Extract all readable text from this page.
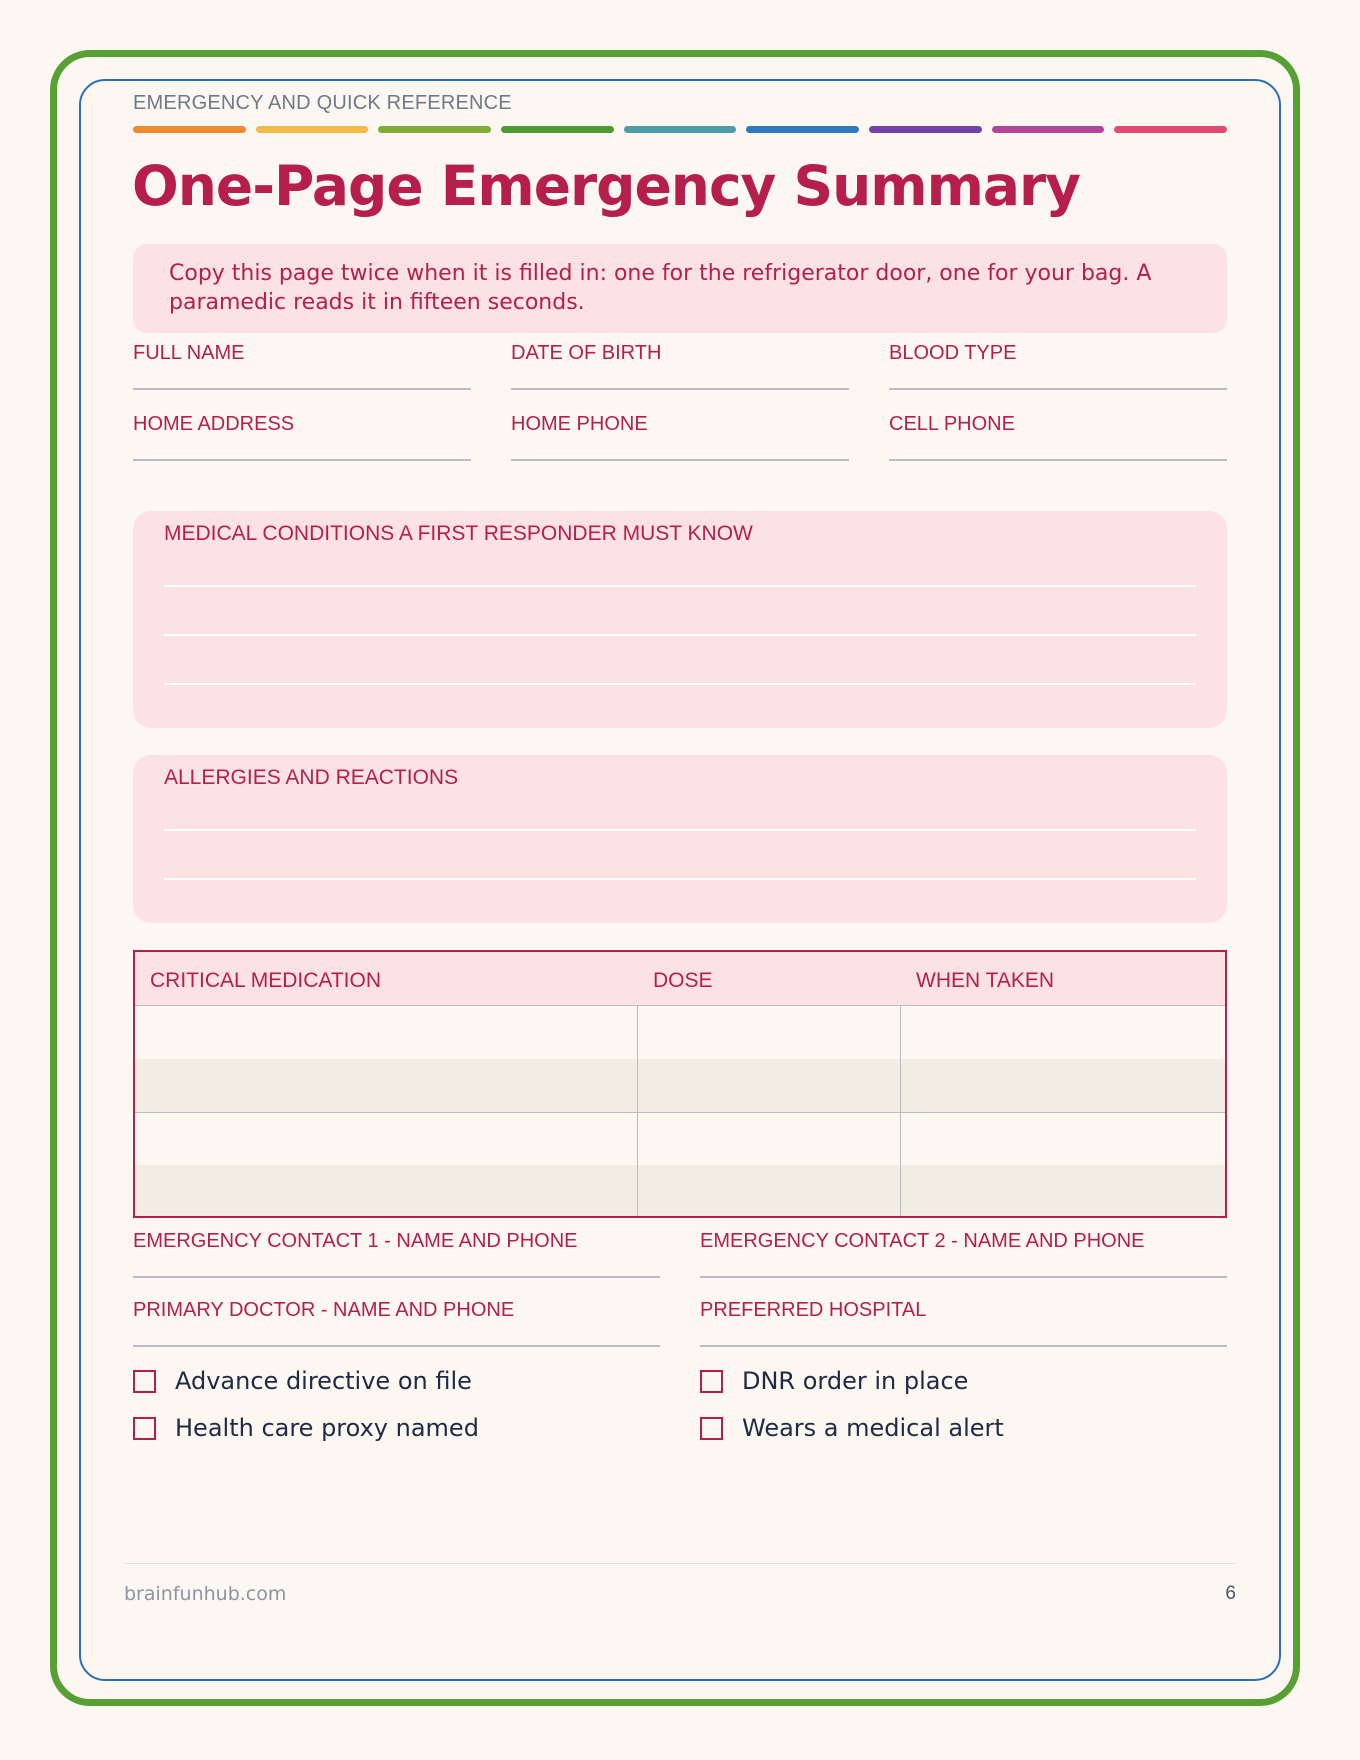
EMERGENCY AND QUICK REFERENCE
One-Page Emergency Summary
Copy this page twice when it is filled in: one for the refrigerator door, one for your bag. A paramedic reads it in fifteen seconds.
FULL NAME	DATE OF BIRTH	BLOOD TYPE
HOME ADDRESS	HOME PHONE	CELL PHONE
MEDICAL CONDITIONS A FIRST RESPONDER MUST KNOW
ALLERGIES AND REACTIONS
CRITICAL MEDICATION	DOSE	WHEN TAKEN
EMERGENCY CONTACT 1 - NAME AND PHONE	EMERGENCY CONTACT 2 - NAME AND PHONE
PRIMARY DOCTOR - NAME AND PHONE	PREFERRED HOSPITAL
Advance directive on file	DNR order in place
Health care proxy named	Wears a medical alert
brainfunhub.com	6
